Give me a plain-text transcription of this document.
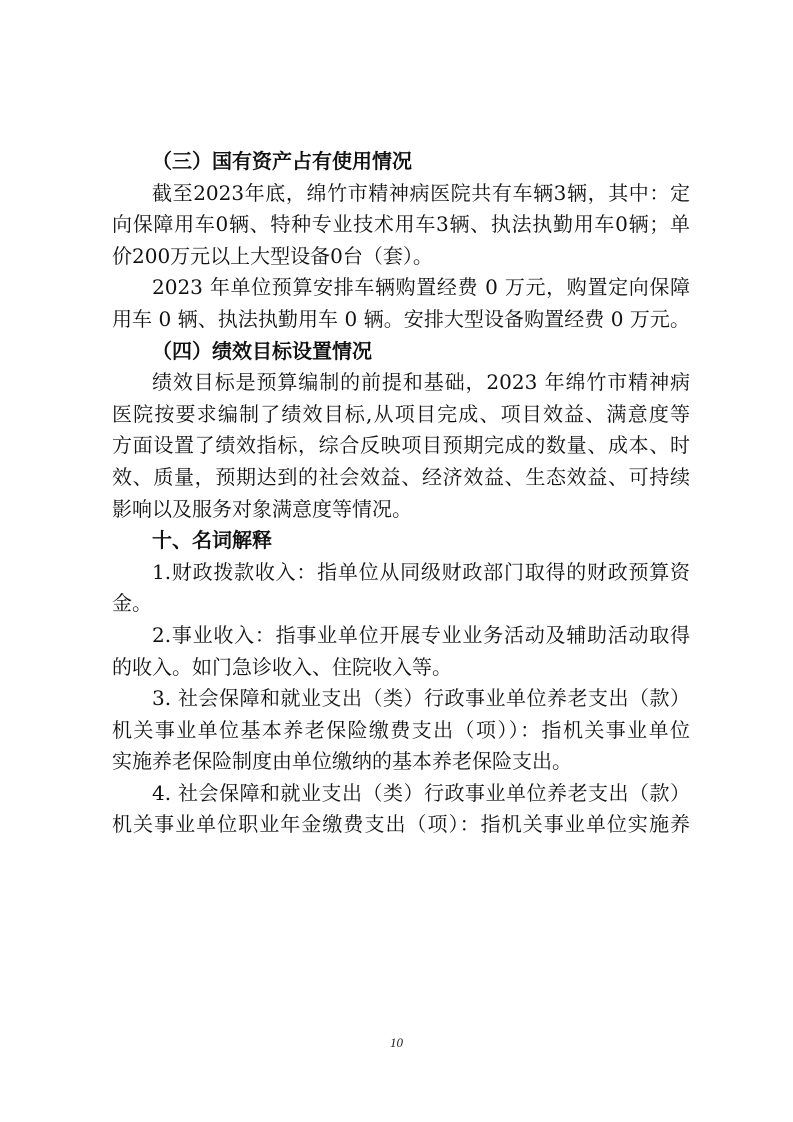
（三）国有资产占有使用情况
截至2023年底，绵竹市精神病医院共有车辆3辆，其中：定
向保障用车0辆、特种专业技术用车3辆、执法执勤用车0辆；单
价200万元以上大型设备0台（套）。
2023 年单位预算安排车辆购置经费 0 万元，购置定向保障
用车 0 辆、执法执勤用车 0 辆。安排大型设备购置经费 0 万元。
（四）绩效目标设置情况
绩效目标是预算编制的前提和基础，2023 年绵竹市精神病
医院按要求编制了绩效目标,从项目完成、项目效益、满意度等
方面设置了绩效指标，综合反映项目预期完成的数量、成本、时
效、质量，预期达到的社会效益、经济效益、生态效益、可持续
影响以及服务对象满意度等情况。
十、名词解释
1.财政拨款收入：指单位从同级财政部门取得的财政预算资
金。
2.事业收入：指事业单位开展专业业务活动及辅助活动取得
的收入。如门急诊收入、住院收入等。
3. 社会保障和就业支出（类）行政事业单位养老支出（款）
机关事业单位基本养老保险缴费支出（项））：指机关事业单位
实施养老保险制度由单位缴纳的基本养老保险支出。
4. 社会保障和就业支出（类）行政事业单位养老支出（款）
机关事业单位职业年金缴费支出（项）：指机关事业单位实施养
10
